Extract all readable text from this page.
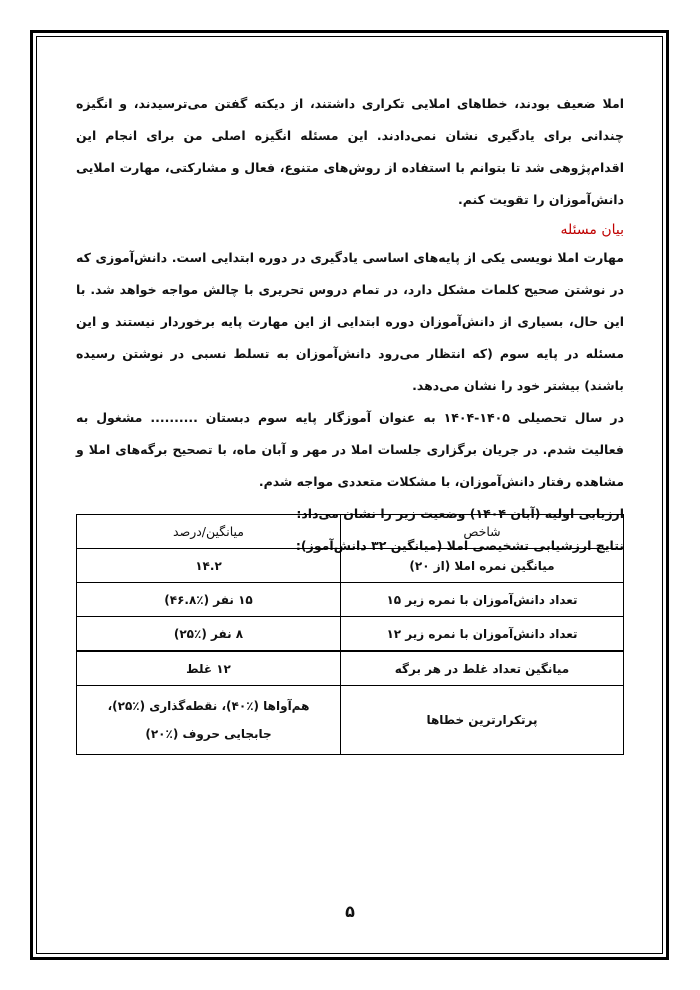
املا ضعیف بودند، خطاهای املایی تکراری داشتند، از دیکته گفتن می‌ترسیدند، و انگیزه چندانی برای یادگیری نشان نمی‌دادند. این مسئله انگیزه اصلی من برای انجام این اقدام‌پژوهی شد تا بتوانم با استفاده از روش‌های متنوع، فعال و مشارکتی، مهارت املایی دانش‌آموزان را تقویت کنم.

بیان مسئله

مهارت املا نویسی یکی از پایه‌های اساسی یادگیری در دوره ابتدایی است. دانش‌آموزی که در نوشتن صحیح کلمات مشکل دارد، در تمام دروس تحریری با چالش مواجه خواهد شد. با این حال، بسیاری از دانش‌آموزان دوره ابتدایی از این مهارت پایه برخوردار نیستند و این مسئله در پایه سوم (که انتظار می‌رود دانش‌آموزان به تسلط نسبی در نوشتن رسیده باشند) بیشتر خود را نشان می‌دهد.

در سال تحصیلی ۱۴۰۵-۱۴۰۴ به عنوان آموزگار پایه سوم دبستان .......... مشغول به فعالیت شدم. در جریان برگزاری جلسات املا در مهر و آبان ماه، با تصحیح برگه‌های املا و مشاهده رفتار دانش‌آموزان، با مشکلات متعددی مواجه شدم.

ارزیابی اولیه (آبان ۱۴۰۴) وضعیت زیر را نشان می‌داد:

نتایج ارزشیابی تشخیصی املا (میانگین ۳۲ دانش‌آموز):

شاخص	میانگین/درصد
میانگین نمره املا (از ۲۰)	۱۴.۲
تعداد دانش‌آموزان با نمره زیر ۱۵	۱۵ نفر (٪۴۶.۸)
تعداد دانش‌آموزان با نمره زیر ۱۲	۸ نفر (٪۲۵)
میانگین تعداد غلط در هر برگه	۱۲ غلط
پرتکرارترین خطاها	هم‌آواها (٪۴۰)، نقطه‌گذاری (٪۲۵)، جابجایی حروف (٪۲۰)
۵
